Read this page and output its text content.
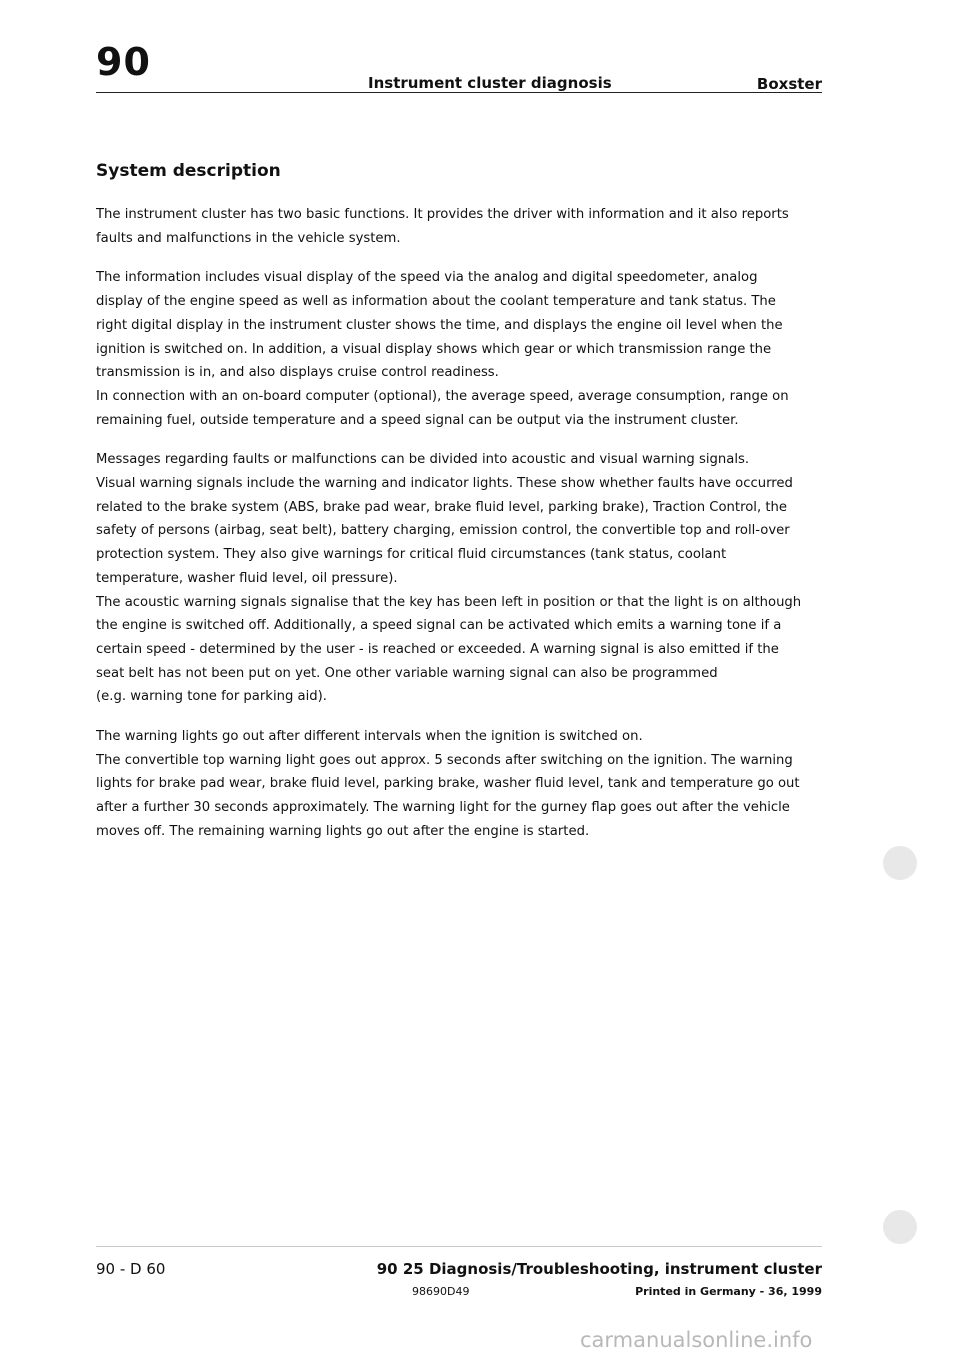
90	Instrument cluster diagnosis	Boxster
System description

The instrument cluster has two basic functions. It provides the driver with information and it also reports
faults and malfunctions in the vehicle system.

The information includes visual display of the speed via the analog and digital speedometer, analog
display of the engine speed as well as information about the coolant temperature and tank status. The
right digital display in the instrument cluster shows the time, and displays the engine oil level when the
ignition is switched on. In addition, a visual display shows which gear or which transmission range the
transmission is in, and also displays cruise control readiness.
In connection with an on-board computer (optional), the average speed, average consumption, range on
remaining fuel, outside temperature and a speed signal can be output via the instrument cluster.

Messages regarding faults or malfunctions can be divided into acoustic and visual warning signals.
Visual warning signals include the warning and indicator lights. These show whether faults have occurred
related to the brake system (ABS, brake pad wear, brake fluid level, parking brake), Traction Control, the
safety of persons (airbag, seat belt), battery charging, emission control, the convertible top and roll-over
protection system. They also give warnings for critical fluid circumstances (tank status, coolant
temperature, washer fluid level, oil pressure).
The acoustic warning signals signalise that the key has been left in position or that the light is on although
the engine is switched off. Additionally, a speed signal can be activated which emits a warning tone if a
certain speed - determined by the user - is reached or exceeded. A warning signal is also emitted if the
seat belt has not been put on yet. One other variable warning signal can also be programmed
(e.g. warning tone for parking aid).

The warning lights go out after different intervals when the ignition is switched on.
The convertible top warning light goes out approx. 5 seconds after switching on the ignition. The warning
lights for brake pad wear, brake fluid level, parking brake, washer fluid level, tank and temperature go out
after a further 30 seconds approximately. The warning light for the gurney flap goes out after the vehicle
moves off. The remaining warning lights go out after the engine is started.

90 - D 60	90 25 Diagnosis/Troubleshooting, instrument cluster
98690D49	Printed in Germany - 36, 1999
carmanualsonline.info
